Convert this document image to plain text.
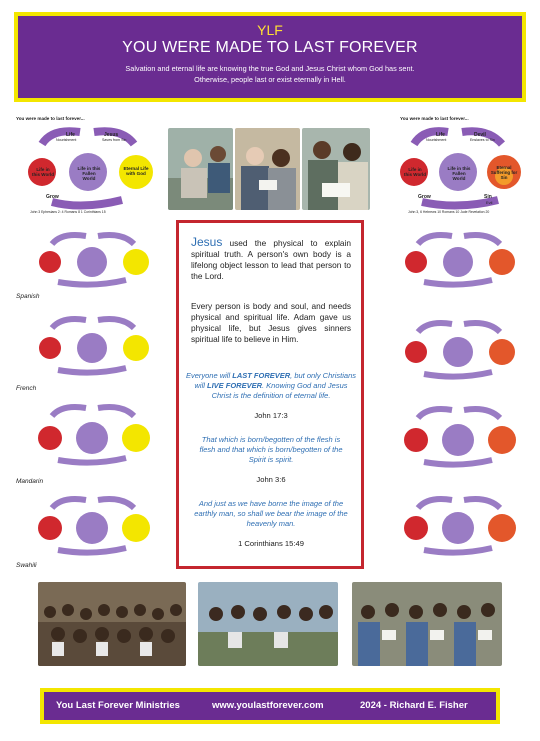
YLF
YOU WERE MADE TO LAST FOREVER
Salvation and eternal life are knowing the true God and Jesus Christ whom God has sent.
Otherwise, people last or exist eternally in Hell.
You were made to last forever...
Life
Nourishment
Jesus
Saves from Sin
Life in this World
Life in this Fallen World
Eternal Life with God
Grow
John 3 Ephesians 2: 4 Romans 8 1 Corinthians 15
You were made to last forever...
Life
Nourishment
Devil
Enslaves to Sin
Life in this World
Life in this Fallen World
Eternal Suffering for Sin
Grow	Sin
Evil
John 3, 6 Hebrews 10 Romans 10 Jude Revelation 20
Spanish
French
Mandarin
Swahili
Jesus used the physical to explain spiritual truth. A person's own body is a lifelong object lesson to lead that person to the Lord.
Every person is body and soul, and needs physical and spiritual life. Adam gave us physical life, but Jesus gives sinners spiritual life to believe in Him.
Everyone will LAST FOREVER, but only Christians will LIVE FOREVER. Knowing God and Jesus Christ is the definition of eternal life.
John 17:3
That which is born/begotten of the flesh is flesh and that which is born/begotten of the Spirit is spirit.
John 3:6
And just as we have borne the image of the earthly man, so shall we bear the image of the heavenly man.
1 Corinthians 15:49
You Last Forever Ministries	www.youlastforever.com	2024 - Richard E. Fisher
